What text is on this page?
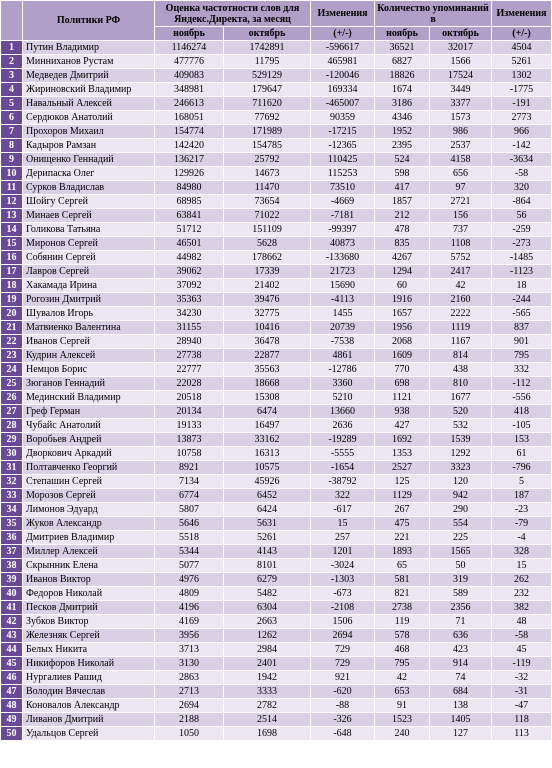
	Политики РФ	Оценка частотности слов для Яндекс.Директа, за месяц		Изменения	Количество упоминаний в		Изменения
		ноябрь	октябрь	(+/-)	ноябрь	октябрь	(+/-)
1	Путин Владимир	1146274	1742891	-596617	36521	32017	4504
2	Минниханов Рустам	477776	11795	465981	6827	1566	5261
3	Медведев Дмитрий	409083	529129	-120046	18826	17524	1302
4	Жириновский Владимир	348981	179647	169334	1674	3449	-1775
5	Навальный Алексей	246613	711620	-465007	3186	3377	-191
6	Сердюков Анатолий	168051	77692	90359	4346	1573	2773
7	Прохоров Михаил	154774	171989	-17215	1952	986	966
8	Кадыров Рамзан	142420	154785	-12365	2395	2537	-142
9	Онищенко Геннадий	136217	25792	110425	524	4158	-3634
10	Дерипаска Олег	129926	14673	115253	598	656	-58
11	Сурков Владислав	84980	11470	73510	417	97	320
12	Шойгу Сергей	68985	73654	-4669	1857	2721	-864
13	Минаев Сергей	63841	71022	-7181	212	156	56
14	Голикова Татьяна	51712	151109	-99397	478	737	-259
15	Миронов Сергей	46501	5628	40873	835	1108	-273
16	Собянин Сергей	44982	178662	-133680	4267	5752	-1485
17	Лавров Сергей	39062	17339	21723	1294	2417	-1123
18	Хакамада Ирина	37092	21402	15690	60	42	18
19	Рогозин Дмитрий	35363	39476	-4113	1916	2160	-244
20	Шувалов Игорь	34230	32775	1455	1657	2222	-565
21	Матвиенко Валентина	31155	10416	20739	1956	1119	837
22	Иванов Сергей	28940	36478	-7538	2068	1167	901
23	Кудрин Алексей	27738	22877	4861	1609	814	795
24	Немцов Борис	22777	35563	-12786	770	438	332
25	Зюганов Геннадий	22028	18668	3360	698	810	-112
26	Мединский Владимир	20518	15308	5210	1121	1677	-556
27	Греф Герман	20134	6474	13660	938	520	418
28	Чубайс Анатолий	19133	16497	2636	427	532	-105
29	Воробьев Андрей	13873	33162	-19289	1692	1539	153
30	Дворкович Аркадий	10758	16313	-5555	1353	1292	61
31	Полтавченко Георгий	8921	10575	-1654	2527	3323	-796
32	Степашин Сергей	7134	45926	-38792	125	120	5
33	Морозов Сергей	6774	6452	322	1129	942	187
34	Лимонов Эдуард	5807	6424	-617	267	290	-23
35	Жуков Александр	5646	5631	15	475	554	-79
36	Дмитриев Владимир	5518	5261	257	221	225	-4
37	Миллер Алексей	5344	4143	1201	1893	1565	328
38	Скрынник Елена	5077	8101	-3024	65	50	15
39	Иванов Виктор	4976	6279	-1303	581	319	262
40	Федоров Николай	4809	5482	-673	821	589	232
41	Песков Дмитрий	4196	6304	-2108	2738	2356	382
42	Зубков Виктор	4169	2663	1506	119	71	48
43	Железняк Сергей	3956	1262	2694	578	636	-58
44	Белых Никита	3713	2984	729	468	423	45
45	Никифоров Николай	3130	2401	729	795	914	-119
46	Нургалиев Рашид	2863	1942	921	42	74	-32
47	Володин Вячеслав	2713	3333	-620	653	684	-31
48	Коновалов Александр	2694	2782	-88	91	138	-47
49	Ливанов Дмитрий	2188	2514	-326	1523	1405	118
50	Удальцов Сергей	1050	1698	-648	240	127	113
